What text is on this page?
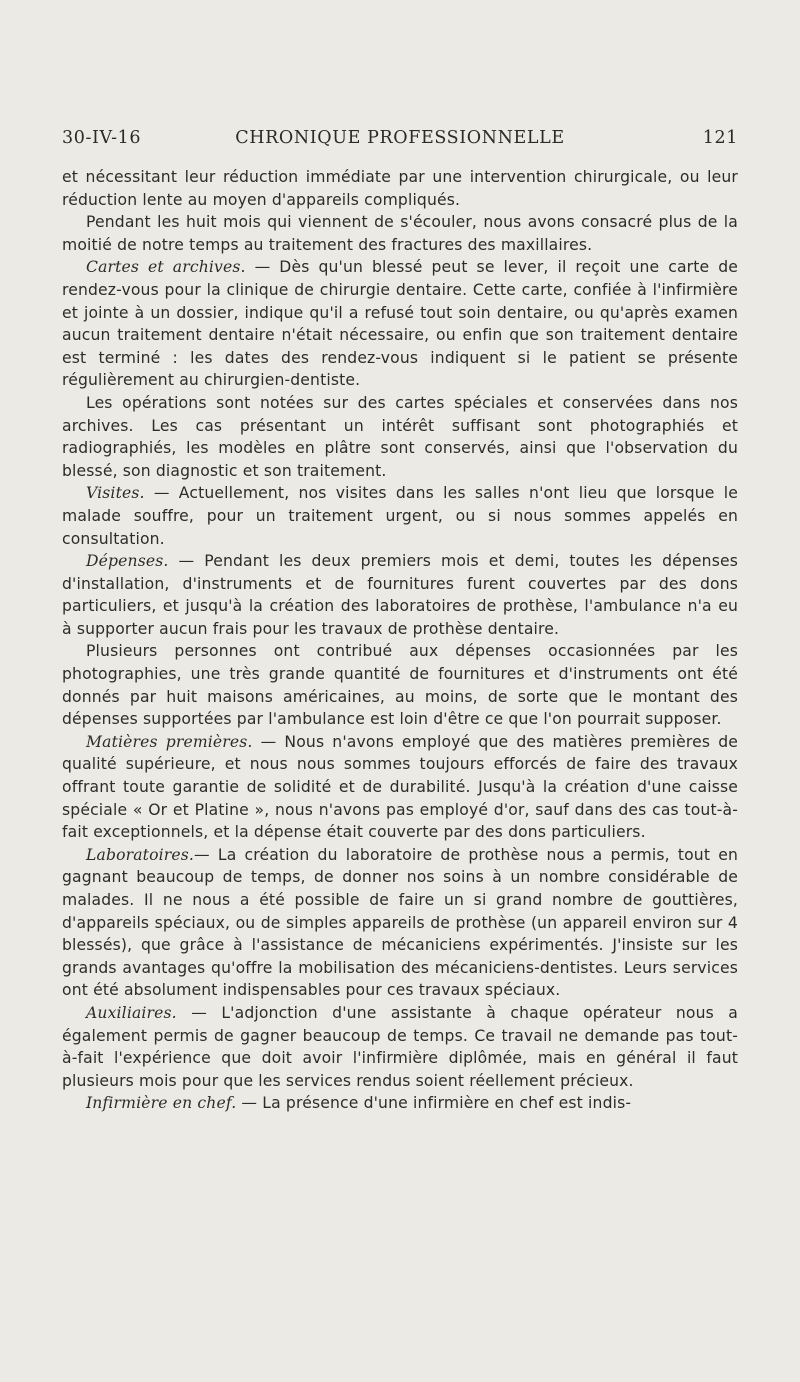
30-IV-16	CHRONIQUE PROFESSIONNELLE	121

et nécessitant leur réduction immédiate par une intervention chirurgicale, ou leur réduction lente au moyen d'appareils compliqués.

Pendant les huit mois qui viennent de s'écouler, nous avons consacré plus de la moitié de notre temps au traitement des fractures des maxillaires.

Cartes et archives. — Dès qu'un blessé peut se lever, il reçoit une carte de rendez-vous pour la clinique de chirurgie dentaire. Cette carte, confiée à l'infirmière et jointe à un dossier, indique qu'il a refusé tout soin dentaire, ou qu'après examen aucun traitement dentaire n'était nécessaire, ou enfin que son traitement dentaire est terminé : les dates des rendez-vous indiquent si le patient se présente régulièrement au chirurgien-dentiste.

Les opérations sont notées sur des cartes spéciales et conservées dans nos archives. Les cas présentant un intérêt suffisant sont photographiés et radiographiés, les modèles en plâtre sont conservés, ainsi que l'observation du blessé, son diagnostic et son traitement.

Visites. — Actuellement, nos visites dans les salles n'ont lieu que lorsque le malade souffre, pour un traitement urgent, ou si nous sommes appelés en consultation.

Dépenses. — Pendant les deux premiers mois et demi, toutes les dépenses d'installation, d'instruments et de fournitures furent couvertes par des dons particuliers, et jusqu'à la création des laboratoires de prothèse, l'ambulance n'a eu à supporter aucun frais pour les travaux de prothèse dentaire.

Plusieurs personnes ont contribué aux dépenses occasionnées par les photographies, une très grande quantité de fournitures et d'instruments ont été donnés par huit maisons américaines, au moins, de sorte que le montant des dépenses supportées par l'ambulance est loin d'être ce que l'on pourrait supposer.

Matières premières. — Nous n'avons employé que des matières premières de qualité supérieure, et nous nous sommes toujours efforcés de faire des travaux offrant toute garantie de solidité et de durabilité. Jusqu'à la création d'une caisse spéciale « Or et Platine », nous n'avons pas employé d'or, sauf dans des cas tout-à-fait exceptionnels, et la dépense était couverte par des dons particuliers.

Laboratoires.— La création du laboratoire de prothèse nous a permis, tout en gagnant beaucoup de temps, de donner nos soins à un nombre considérable de malades. Il ne nous a été possible de faire un si grand nombre de gouttières, d'appareils spéciaux, ou de simples appareils de prothèse (un appareil environ sur 4 blessés), que grâce à l'assistance de mécaniciens expérimentés. J'insiste sur les grands avantages qu'offre la mobilisation des mécaniciens-dentistes. Leurs services ont été absolument indispensables pour ces travaux spéciaux.

Auxiliaires. — L'adjonction d'une assistante à chaque opérateur nous a également permis de gagner beaucoup de temps. Ce travail ne demande pas tout-à-fait l'expérience que doit avoir l'infirmière diplômée, mais en général il faut plusieurs mois pour que les services rendus soient réellement précieux.

Infirmière en chef. — La présence d'une infirmière en chef est indis-
